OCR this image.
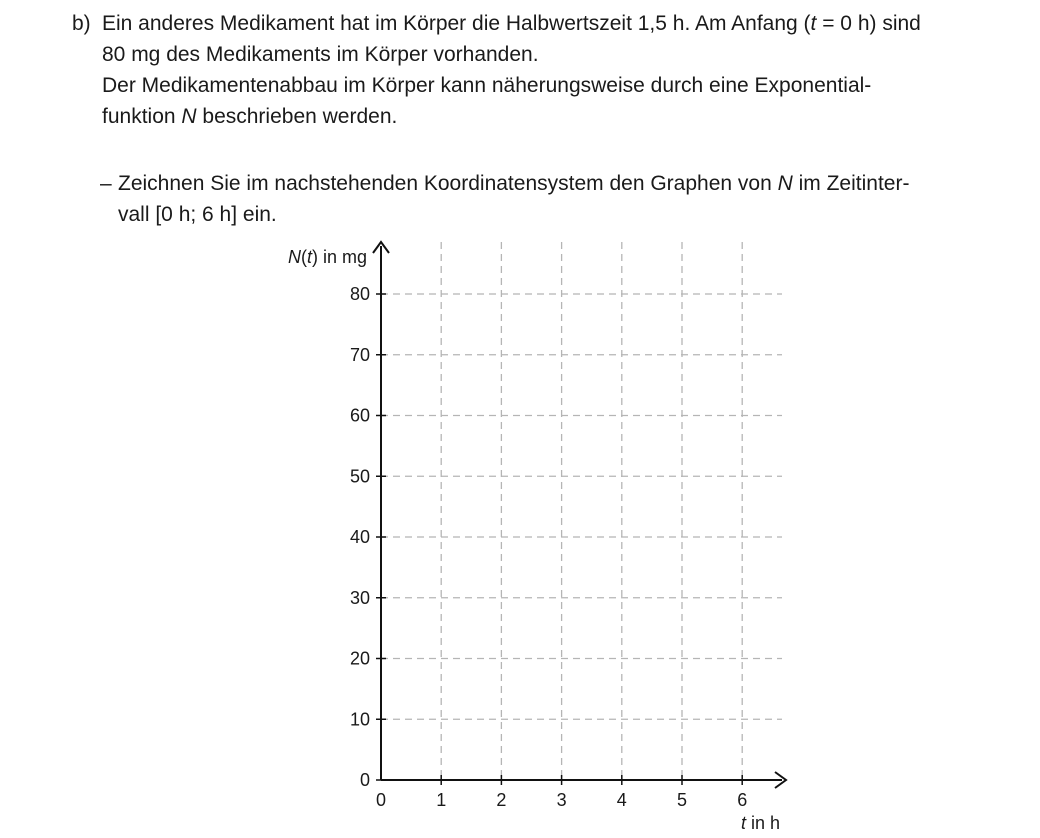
b) Ein anderes Medikament hat im Körper die Halbwertszeit 1,5 h. Am Anfang (t = 0 h) sind
80 mg des Medikaments im Körper vorhanden.
Der Medikamentenabbau im Körper kann näherungsweise durch eine Exponential-
funktion N beschrieben werden.
– Zeichnen Sie im nachstehenden Koordinatensystem den Graphen von N im Zeitinter-
vall [0 h; 6 h] ein.
0
10
20
30
40
50
60
70
80
0	1	2	3	4	5	6
N(t) in mg
t in h
